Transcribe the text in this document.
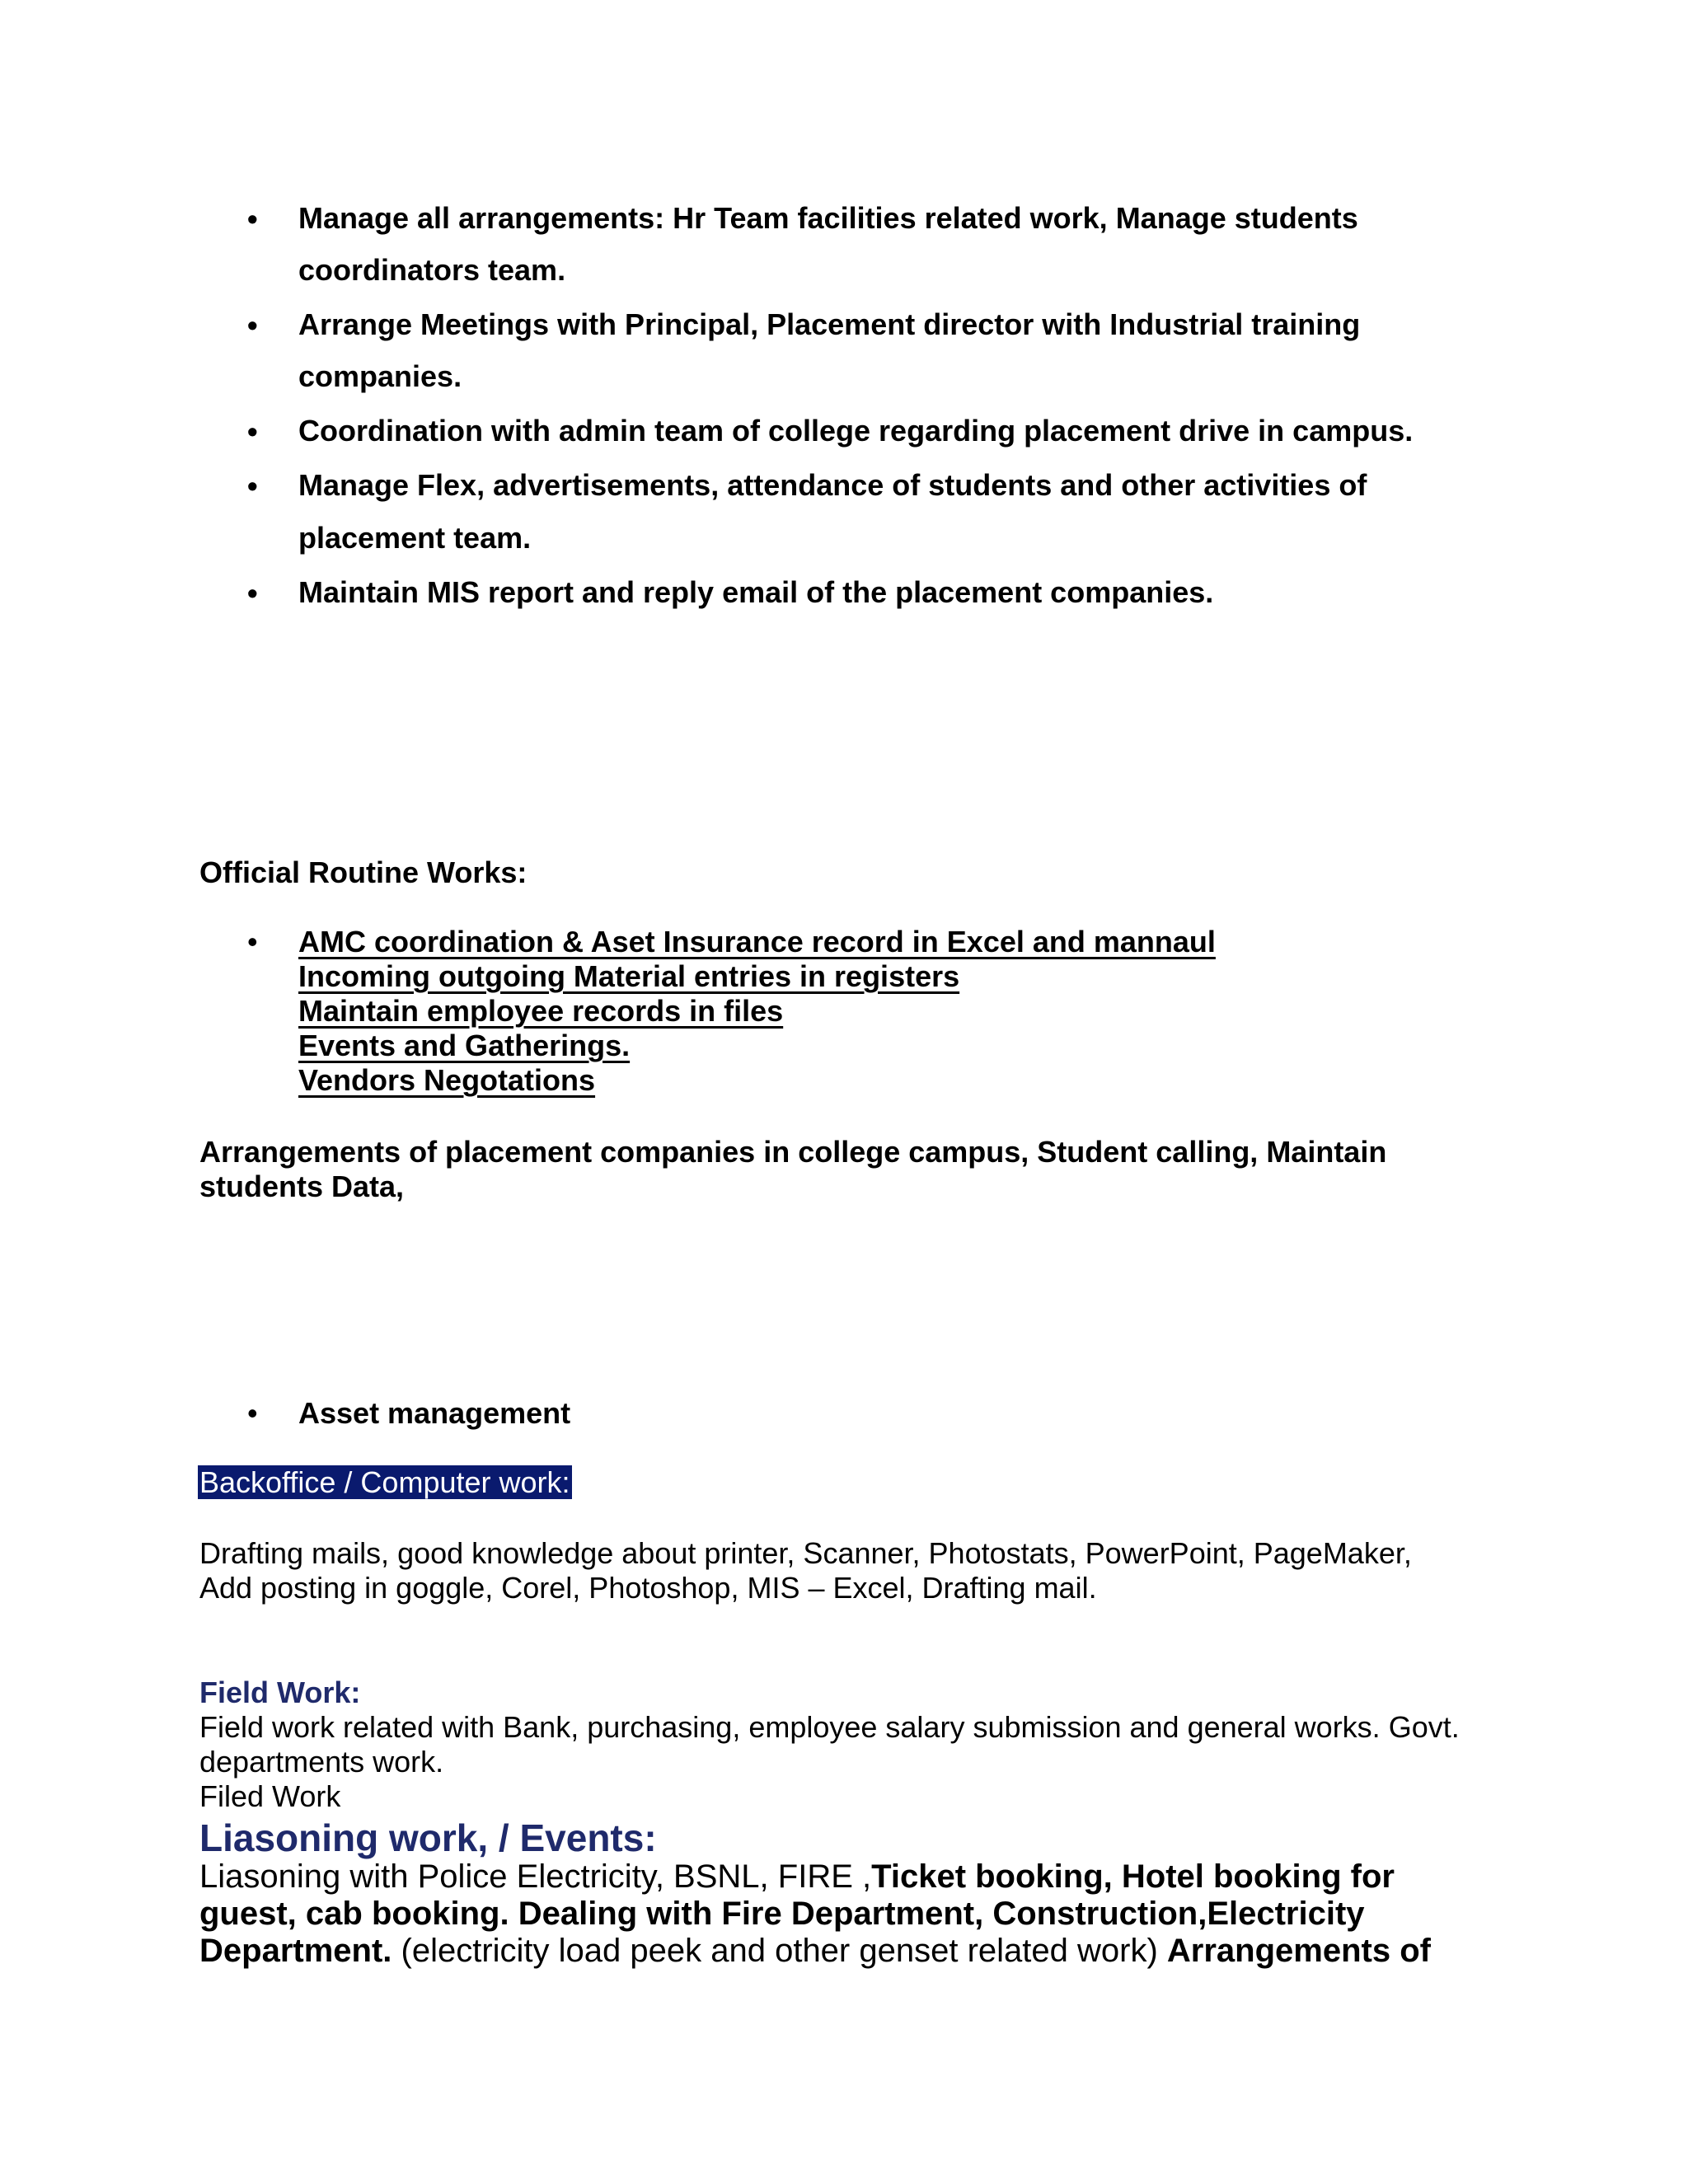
• Manage all arrangements: Hr Team facilities related work, Manage students
coordinators team.
• Arrange Meetings with Principal, Placement director with Industrial training
companies.
• Coordination with admin team of college regarding placement drive in campus.
• Manage Flex, advertisements, attendance of students and other activities of
placement team.
• Maintain MIS report and reply email of the placement companies.
Official Routine Works:
• AMC coordination & Aset Insurance record in Excel and mannaul
Incoming outgoing Material entries in registers
Maintain employee records in files
Events and Gatherings.
Vendors Negotations
Arrangements of placement companies in college campus, Student calling, Maintain
students Data,
• Asset management
Backoffice / Computer work:
Drafting mails, good knowledge about printer, Scanner, Photostats, PowerPoint, PageMaker,
Add posting in goggle, Corel, Photoshop, MIS – Excel, Drafting mail.
Field Work:
Field work related with Bank, purchasing, employee salary submission and general works. Govt.
departments work.
Filed Work
Liasoning work, / Events:
Liasoning with Police Electricity, BSNL, FIRE ,Ticket booking, Hotel booking for
guest, cab booking. Dealing with Fire Department, Construction,Electricity
Department. (electricity load peek and other genset related work) Arrangements of
